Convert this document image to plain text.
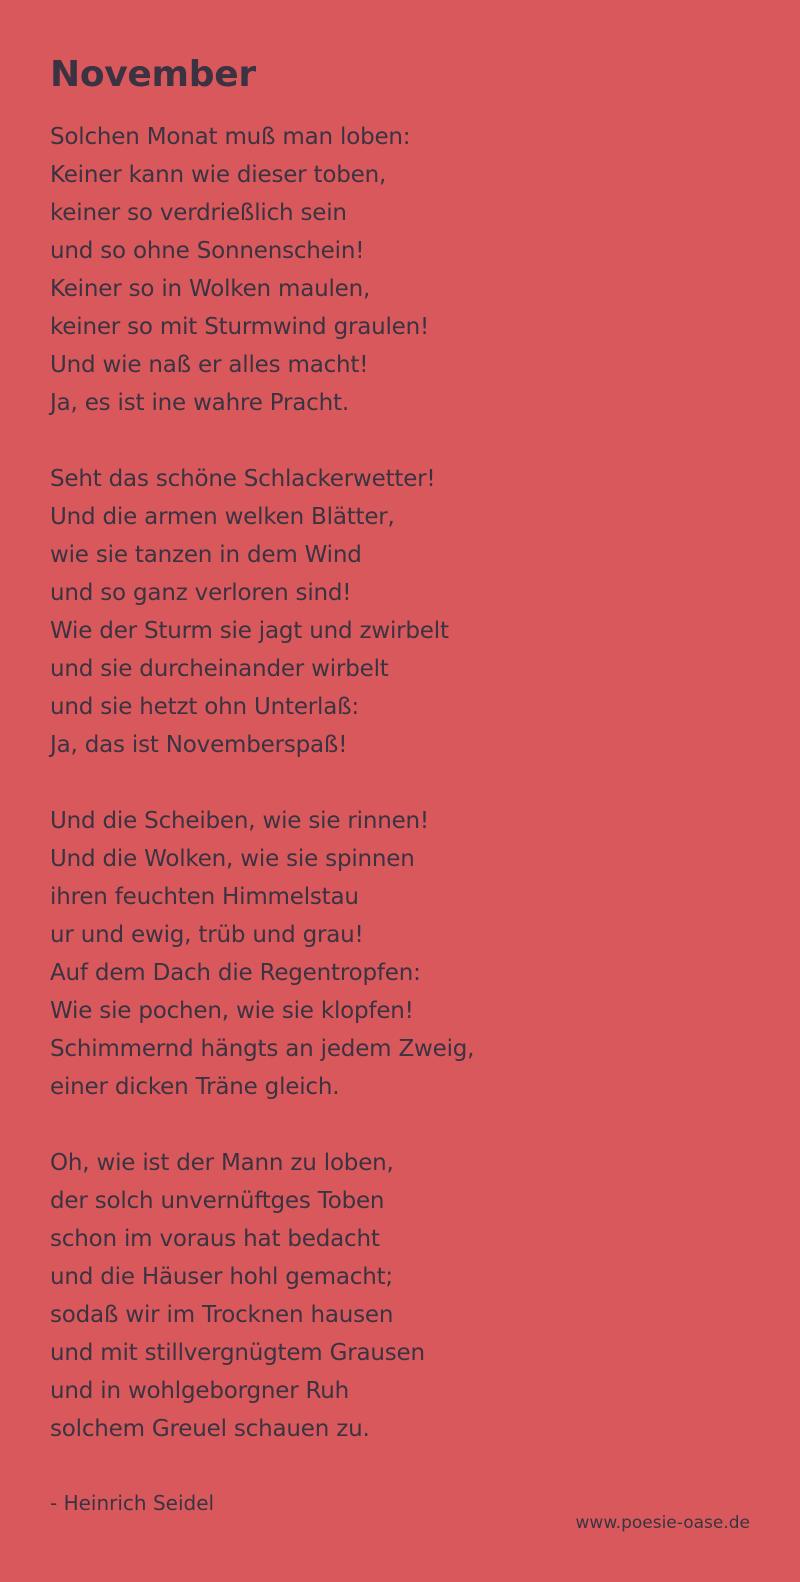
November
Solchen Monat muß man loben:
Keiner kann wie dieser toben,
keiner so verdrießlich sein
und so ohne Sonnenschein!
Keiner so in Wolken maulen,
keiner so mit Sturmwind graulen!
Und wie naß er alles macht!
Ja, es ist ine wahre Pracht.
Seht das schöne Schlackerwetter!
Und die armen welken Blätter,
wie sie tanzen in dem Wind
und so ganz verloren sind!
Wie der Sturm sie jagt und zwirbelt
und sie durcheinander wirbelt
und sie hetzt ohn Unterlaß:
Ja, das ist Novemberspaß!
Und die Scheiben, wie sie rinnen!
Und die Wolken, wie sie spinnen
ihren feuchten Himmelstau
ur und ewig, trüb und grau!
Auf dem Dach die Regentropfen:
Wie sie pochen, wie sie klopfen!
Schimmernd hängts an jedem Zweig,
einer dicken Träne gleich.
Oh, wie ist der Mann zu loben,
der solch unvernüftges Toben
schon im voraus hat bedacht
und die Häuser hohl gemacht;
sodaß wir im Trocknen hausen
und mit stillvergnügtem Grausen
und in wohlgeborgner Ruh
solchem Greuel schauen zu.
- Heinrich Seidel
www.poesie-oase.de
